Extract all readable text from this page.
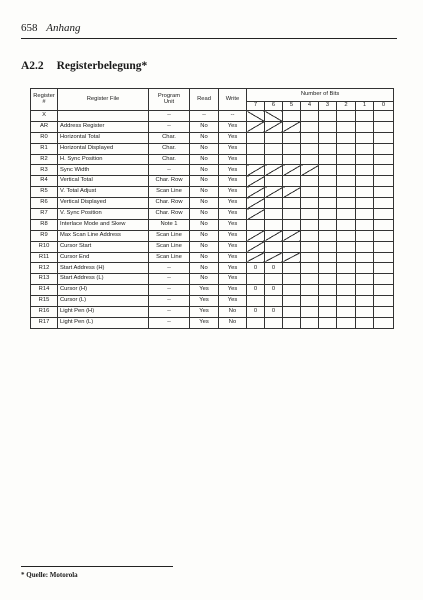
658 Anhang
A2.2 Registerbelegung*
Register
#	Register File	Program
Unit	Read	Write	Number of Bits							
					7	6	5	4	3	2	1	0
X		--	--	--								
AR	Address Register	--	No	Yes								
R0	Horizontal Total	Char.	No	Yes								
R1	Horizontal Displayed	Char.	No	Yes								
R2	H. Sync Position	Char.	No	Yes								
R3	Sync Width	--	No	Yes								
R4	Vertical Total	Char. Row	No	Yes								
R5	V. Total Adjust	Scan Line	No	Yes								
R6	Vertical Displayed	Char. Row	No	Yes								
R7	V. Sync Position	Char. Row	No	Yes								
R8	Interlace Mode and Skew	Note 1	No	Yes								
R9	Max Scan Line Address	Scan Line	No	Yes								
R10	Cursor Start	Scan Line	No	Yes								
R11	Cursor End	Scan Line	No	Yes								
R12	Start Address (H)	--	No	Yes	0	0						
R13	Start Address (L)	--	No	Yes								
R14	Cursor (H)	--	Yes	Yes	0	0						
R15	Cursor (L)	--	Yes	Yes								
R16	Light Pen (H)	--	Yes	No	0	0						
R17	Light Pen (L)	--	Yes	No								
* Quelle: Motorola
